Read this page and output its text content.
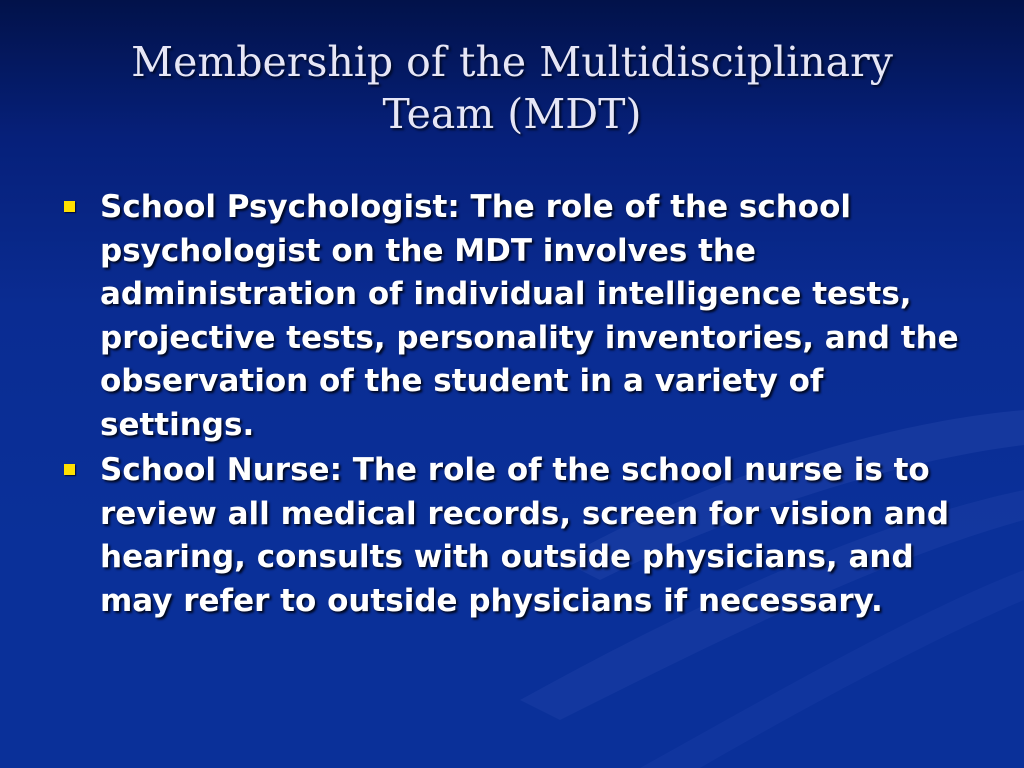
Membership of the Multidisciplinary
Team (MDT)
School Psychologist: The role of the school psychologist on the MDT involves the administration of individual intelligence tests, projective tests, personality inventories, and the observation of the student in a variety of settings.
School Nurse: The role of the school nurse is to review all medical records, screen for vision and hearing, consults with outside physicians, and may refer to outside physicians if necessary.
